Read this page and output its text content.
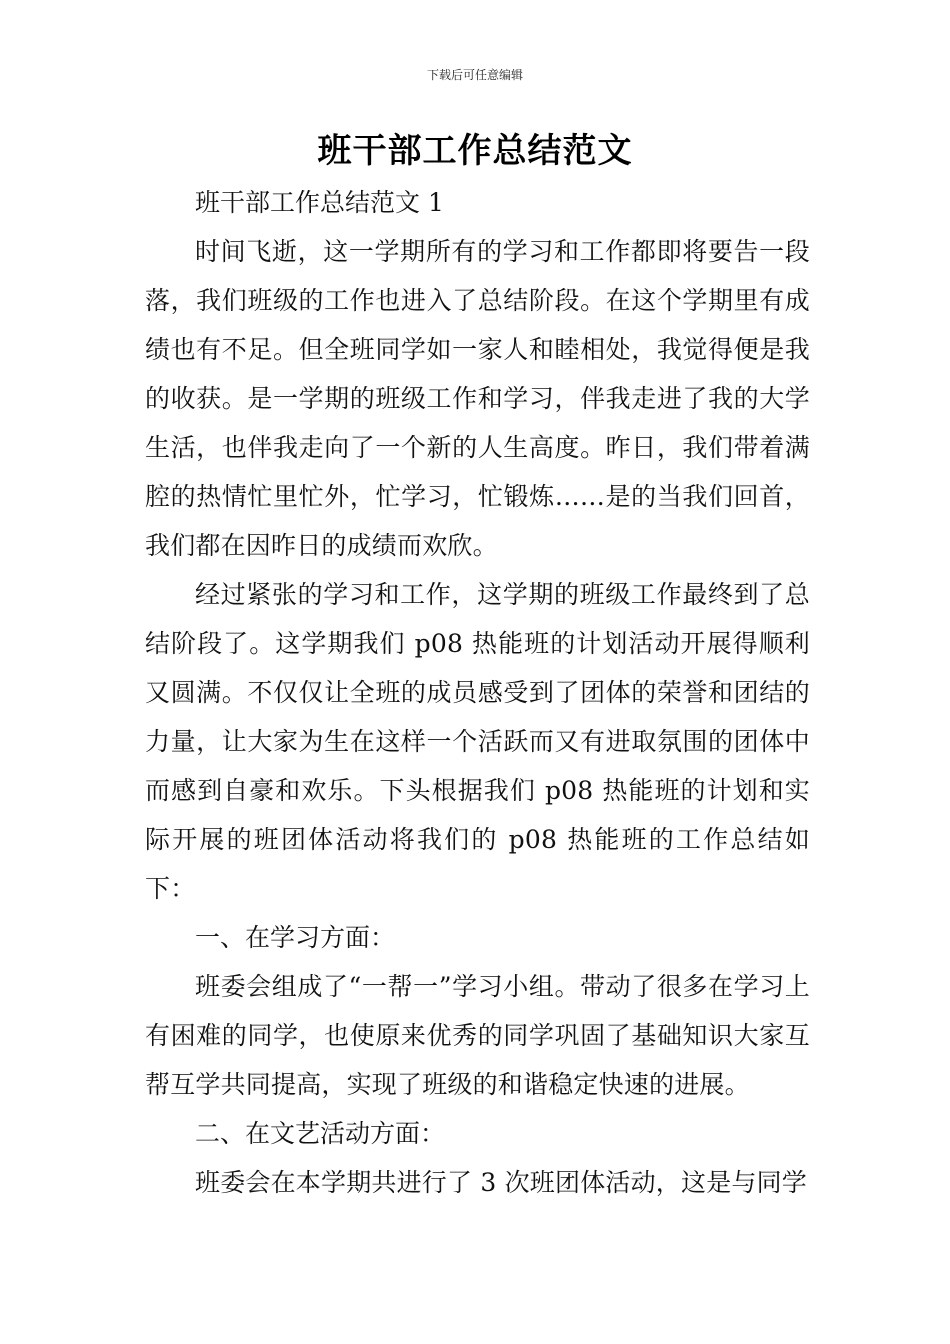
下载后可任意编辑
班干部工作总结范文

班干部工作总结范文 1

时间飞逝，这一学期所有的学习和工作都即将要告一段落，我们班级的工作也进入了总结阶段。在这个学期里有成绩也有不足。但全班同学如一家人和睦相处，我觉得便是我的收获。是一学期的班级工作和学习，伴我走进了我的大学生活，也伴我走向了一个新的人生高度。昨日，我们带着满腔的热情忙里忙外，忙学习，忙锻炼……是的当我们回首，我们都在因昨日的成绩而欢欣。

经过紧张的学习和工作，这学期的班级工作最终到了总结阶段了。这学期我们 p08 热能班的计划活动开展得顺利又圆满。不仅仅让全班的成员感受到了团体的荣誉和团结的力量，让大家为生在这样一个活跃而又有进取氛围的团体中而感到自豪和欢乐。下头根据我们 p08 热能班的计划和实际开展的班团体活动将我们的 p08 热能班的工作总结如下：

一、在学习方面：

班委会组成了“一帮一”学习小组。带动了很多在学习上有困难的同学，也使原来优秀的同学巩固了基础知识大家互帮互学共同提高，实现了班级的和谐稳定快速的进展。

二、在文艺活动方面：

班委会在本学期共进行了 3 次班团体活动，这是与同学
